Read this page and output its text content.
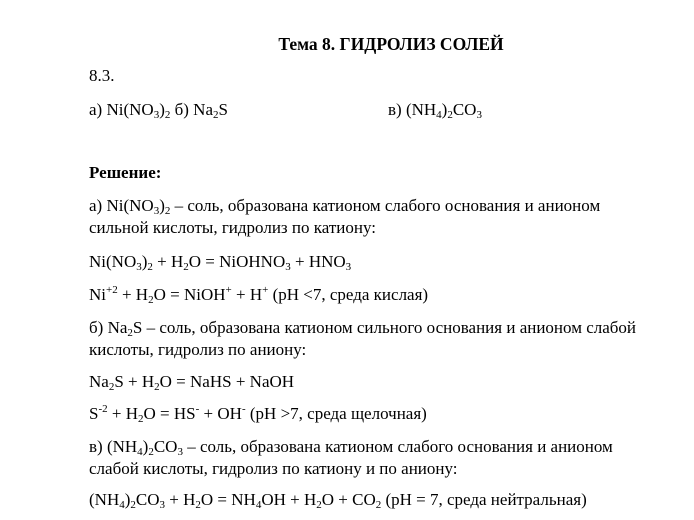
Тема 8. ГИДРОЛИЗ СОЛЕЙ
8.3.
а) $Ni(NO_3)_2$ б) $Na_2S$	в) $(NH_4)_2CO_3$
Решение:
а) $Ni(NO_3)_2$ – соль, образована катионом слабого основания и анионом
сильной кислоты, гидролиз по катиону:
$Ni(NO_3)_2 + H_2O$ = NiOHNO$_3$ + $HNO_3$
$Ni^{+2} + H_2O$ = NiOH+ + H+ (pH <7, среда кислая)
б) $Na_2S$ – соль, образована катионом сильного основания и анионом слабой
кислоты, гидролиз по аниону:
$Na_2S + H_2O$ = NaHS + NaOH
$S^{-2} + H_2O = HS^- + OH^-$ (pH >7, среда щелочная)
в) $(NH_4)_2CO_3$ – соль, образована катионом слабого основания и анионом
слабой кислоты, гидролиз по катиону и по аниону:
$(NH_4)_2CO_3 + H_2O = NH_4OH + H_2O + CO_2$ (pH = 7, среда нейтральная)
